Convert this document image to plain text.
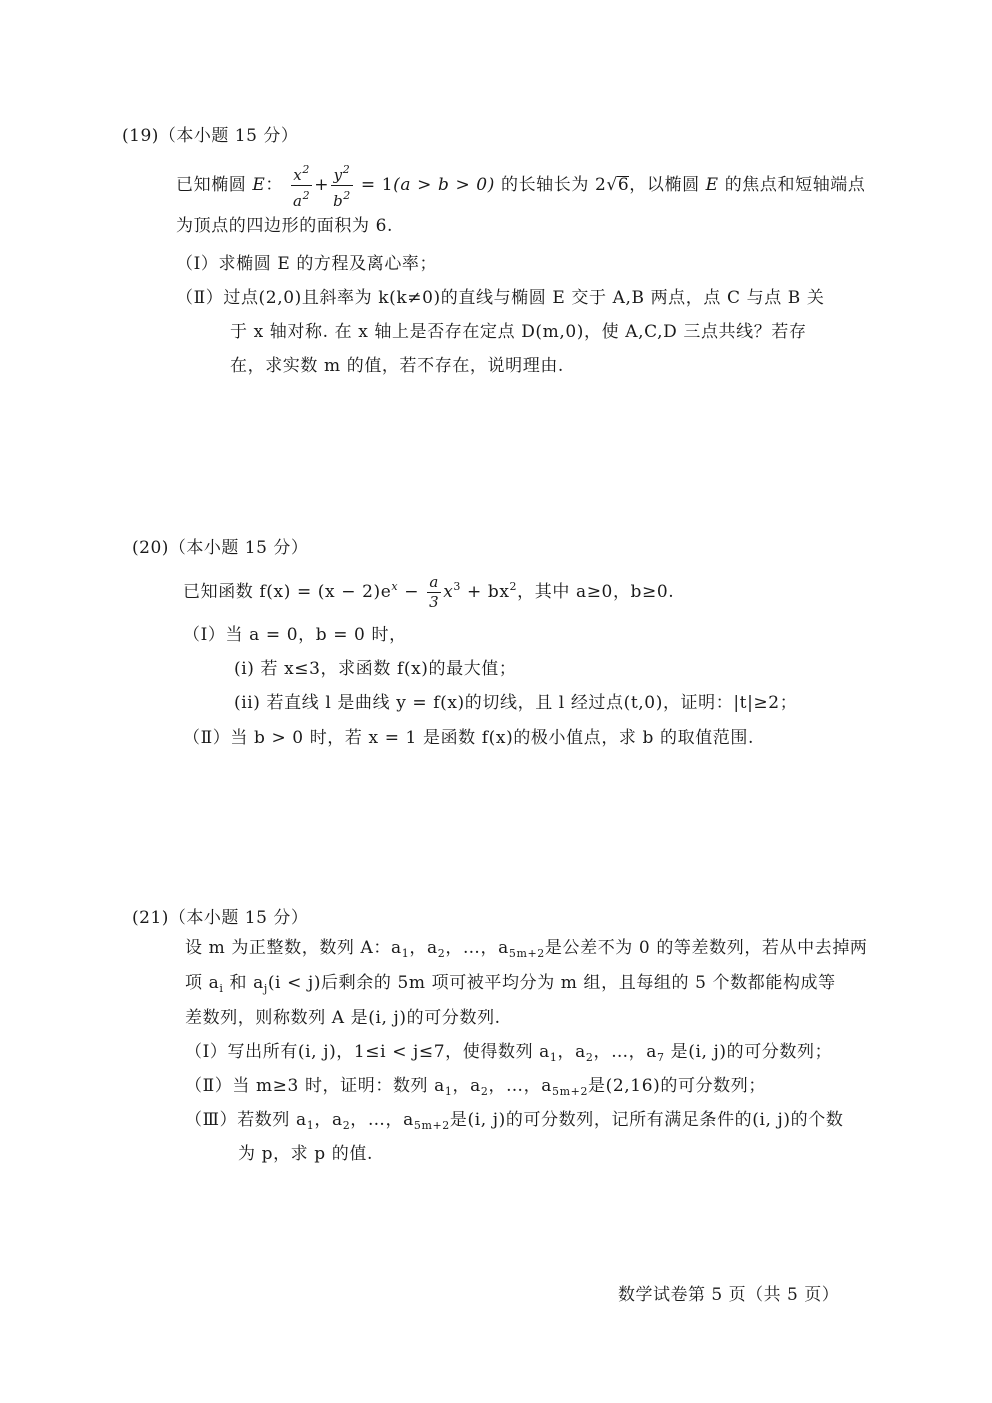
(19)（本小题 15 分）
已知椭圆 E： $\frac{x^2}{a^2} + \frac{y^2}{b^2} = 1(a > b > 0)$ 的长轴长为 2√6，以椭圆 E 的焦点和短轴端点
为顶点的四边形的面积为 6.
（Ⅰ）求椭圆 E 的方程及离心率；
（Ⅱ）过点(2,0)且斜率为 k(k≠0)的直线与椭圆 E 交于 A,B 两点，点 C 与点 B 关
于 x 轴对称. 在 x 轴上是否存在定点 D(m,0)，使 A,C,D 三点共线？若存
在，求实数 m 的值，若不存在，说明理由.
(20)（本小题 15 分）
已知函数 $f(x) = (x - 2)e^x - \frac{a}{3} x^3 + bx^2$，其中 a≥0，b≥0.
（Ⅰ）当 a = 0，b = 0 时，
(i) 若 x≤3，求函数 f(x)的最大值；
(ii) 若直线 l 是曲线 y = f(x)的切线，且 l 经过点(t,0)，证明：|t|≥2；
（Ⅱ）当 b > 0 时，若 x = 1 是函数 f(x)的极小值点，求 b 的取值范围.
(21)（本小题 15 分）
设 m 为正整数，数列 A：$a_1$，$a_2$，…，$a_{5m+2}$是公差不为 0 的等差数列，若从中去掉两
项 $a_i$ 和 $a_j(i < j)$后剩余的 5m 项可被平均分为 m 组，且每组的 5 个数都能构成等
差数列，则称数列 A 是(i, j)的可分数列.
（Ⅰ）写出所有(i, j)，1≤i < j≤7，使得数列 $a_1$，$a_2$，…，$a_7$ 是(i, j)的可分数列；
（Ⅱ）当 m≥3 时，证明：数列 $a_1$，$a_2$，…，$a_{5m+2}$是(2,16)的可分数列；
（Ⅲ）若数列 $a_1$，$a_2$，…，$a_{5m+2}$是(i, j)的可分数列，记所有满足条件的(i, j)的个数
为 p，求 p 的值.
数学试卷第 5 页（共 5 页）
